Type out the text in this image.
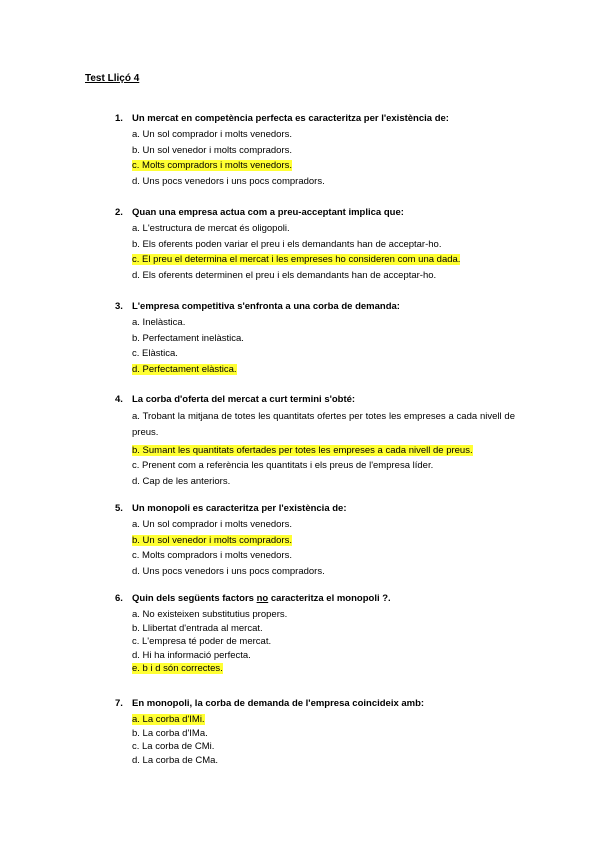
Test Lliçó 4
1. Un mercat en competència perfecta es caracteritza per l'existència de:
a. Un sol comprador i molts venedors.
b. Un sol venedor i molts compradors.
c. Molts compradors i molts venedors.
d. Uns pocs venedors i uns pocs compradors.
2. Quan una empresa actua com a preu-acceptant implica que:
a. L'estructura de mercat és oligopoli.
b. Els oferents poden variar el preu i els demandants han de acceptar-ho.
c. El preu el determina el mercat i les empreses ho consideren com una dada.
d. Els oferents determinen el preu i els demandants han de acceptar-ho.
3. L'empresa competitiva s'enfronta a una corba de demanda:
a. Inelàstica.
b. Perfectament inelàstica.
c. Elàstica.
d. Perfectament elàstica.
4. La corba d'oferta del mercat a curt termini s'obté:
a. Trobant la mitjana de totes les quantitats ofertes per totes les empreses a cada nivell de preus.
b. Sumant les quantitats ofertades per totes les empreses a cada nivell de preus.
c. Prenent com a referència les quantitats i els preus de l'empresa líder.
d. Cap de les anteriors.
5. Un monopoli es caracteritza per l'existència de:
a. Un sol comprador i molts venedors.
b. Un sol venedor i molts compradors.
c. Molts compradors i molts venedors.
d. Uns pocs venedors i uns pocs compradors.
6. Quin dels següents factors no caracteritza el monopoli ?.
a. No existeixen substitutius propers.
b. Llibertat d'entrada al mercat.
c. L'empresa té poder de mercat.
d. Hi ha informació perfecta.
e. b i d són correctes.
7. En monopoli, la corba de demanda de l'empresa coincideix amb:
a. La corba d'IMi.
b. La corba d'IMa.
c. La corba de CMi.
d. La corba de CMa.
